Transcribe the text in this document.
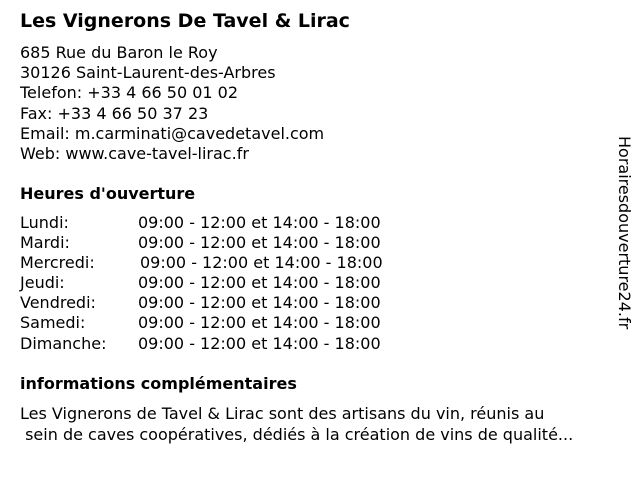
Les Vignerons De Tavel & Lirac
685 Rue du Baron le Roy
30126 Saint-Laurent-des-Arbres
Telefon: +33 4 66 50 01 02
Fax: +33 4 66 50 37 23
Email: m.carminati@cavedetavel.com
Web: www.cave-tavel-lirac.fr
Heures d'ouverture
Lundi:	09:00 - 12:00 et 14:00 - 18:00
Mardi:	09:00 - 12:00 et 14:00 - 18:00
Mercredi:	09:00 - 12:00 et 14:00 - 18:00
Jeudi:	09:00 - 12:00 et 14:00 - 18:00
Vendredi:	09:00 - 12:00 et 14:00 - 18:00
Samedi:	09:00 - 12:00 et 14:00 - 18:00
Dimanche: 09:00 - 12:00 et 14:00 - 18:00
informations complémentaires
Les Vignerons de Tavel & Lirac sont des artisans du vin, réunis au
sein de caves coopératives, dédiés à la création de vins de qualité...
Horairesdouverture24.fr
